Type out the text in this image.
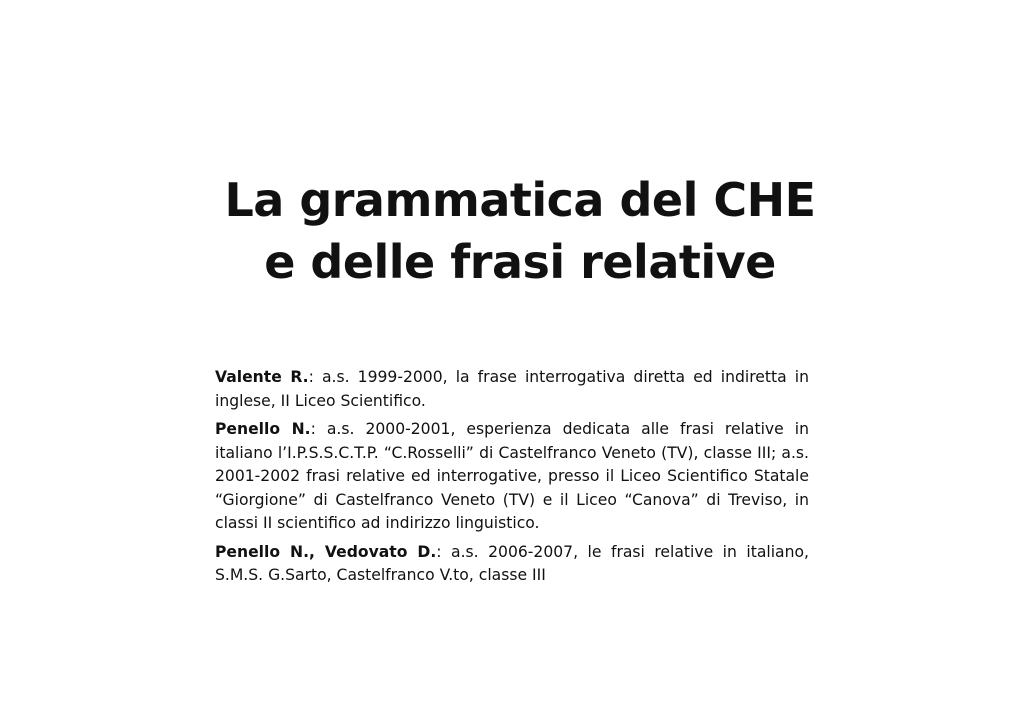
La grammatica del CHE
e delle frasi relative

Valente R.: a.s. 1999-2000, la frase interrogativa diretta ed indiretta in inglese, II Liceo Scientifico.

Penello N.: a.s. 2000-2001, esperienza dedicata alle frasi relative in italiano l’I.P.S.S.C.T.P. “C.Rosselli” di Castelfranco Veneto (TV), classe III; a.s. 2001-2002 frasi relative ed interrogative, presso il Liceo Scientifico Statale “Giorgione” di Castelfranco Veneto (TV) e il Liceo “Canova” di Treviso, in classi II scientifico ad indirizzo linguistico.

Penello N., Vedovato D.: a.s. 2006-2007, le frasi relative in italiano, S.M.S. G.Sarto, Castelfranco V.to, classe III
